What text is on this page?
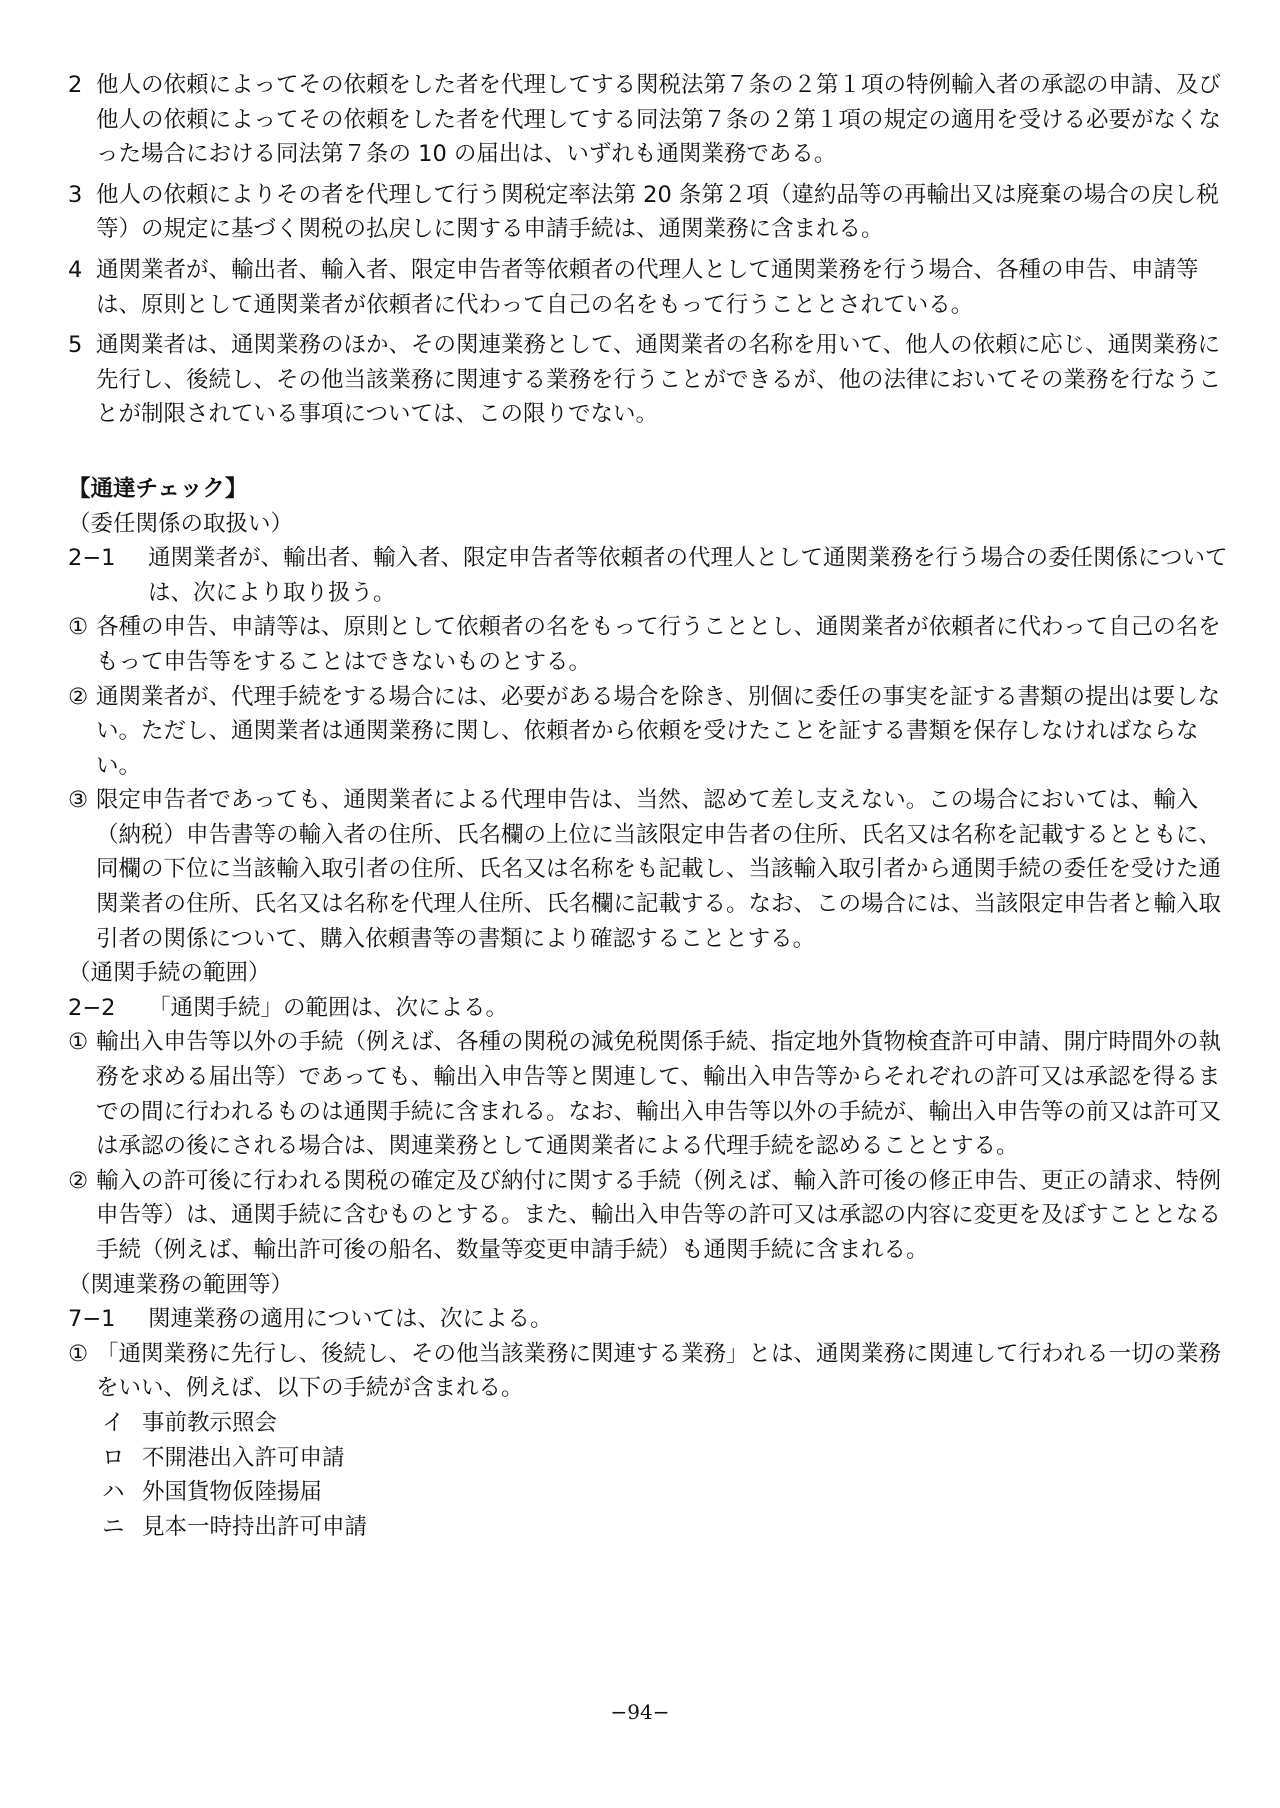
2 他人の依頼によってその依頼をした者を代理してする関税法第７条の２第１項の特例輸入者の承認の申請、及び他人の依頼によってその依頼をした者を代理してする同法第７条の２第１項の規定の適用を受ける必要がなくなった場合における同法第７条の 10 の届出は、いずれも通関業務である。

3 他人の依頼によりその者を代理して行う関税定率法第 20 条第２項（違約品等の再輸出又は廃棄の場合の戻し税等）の規定に基づく関税の払戻しに関する申請手続は、通関業務に含まれる。

4 通関業者が、輸出者、輸入者、限定申告者等依頼者の代理人として通関業務を行う場合、各種の申告、申請等は、原則として通関業者が依頼者に代わって自己の名をもって行うこととされている。

5 通関業者は、通関業務のほか、その関連業務として、通関業者の名称を用いて、他人の依頼に応じ、通関業務に先行し、後続し、その他当該業務に関連する業務を行うことができるが、他の法律においてその業務を行なうことが制限されている事項については、この限りでない。

【通達チェック】

（委任関係の取扱い）

2−1 通関業者が、輸出者、輸入者、限定申告者等依頼者の代理人として通関業務を行う場合の委任関係については、次により取り扱う。

① 各種の申告、申請等は、原則として依頼者の名をもって行うこととし、通関業者が依頼者に代わって自己の名をもって申告等をすることはできないものとする。

② 通関業者が、代理手続をする場合には、必要がある場合を除き、別個に委任の事実を証する書類の提出は要しない。ただし、通関業者は通関業務に関し、依頼者から依頼を受けたことを証する書類を保存しなければならない。

③ 限定申告者であっても、通関業者による代理申告は、当然、認めて差し支えない。この場合においては、輸入（納税）申告書等の輸入者の住所、氏名欄の上位に当該限定申告者の住所、氏名又は名称を記載するとともに、同欄の下位に当該輸入取引者の住所、氏名又は名称をも記載し、当該輸入取引者から通関手続の委任を受けた通関業者の住所、氏名又は名称を代理人住所、氏名欄に記載する。なお、この場合には、当該限定申告者と輸入取引者の関係について、購入依頼書等の書類により確認することとする。

（通関手続の範囲）

2−2 「通関手続」の範囲は、次による。

① 輸出入申告等以外の手続（例えば、各種の関税の減免税関係手続、指定地外貨物検査許可申請、開庁時間外の執務を求める届出等）であっても、輸出入申告等と関連して、輸出入申告等からそれぞれの許可又は承認を得るまでの間に行われるものは通関手続に含まれる。なお、輸出入申告等以外の手続が、輸出入申告等の前又は許可又は承認の後にされる場合は、関連業務として通関業者による代理手続を認めることとする。

② 輸入の許可後に行われる関税の確定及び納付に関する手続（例えば、輸入許可後の修正申告、更正の請求、特例申告等）は、通関手続に含むものとする。また、輸出入申告等の許可又は承認の内容に変更を及ぼすこととなる手続（例えば、輸出許可後の船名、数量等変更申請手続）も通関手続に含まれる。

（関連業務の範囲等）

7−1 関連業務の適用については、次による。

① 「通関業務に先行し、後続し、その他当該業務に関連する業務」とは、通関業務に関連して行われる一切の業務をいい、例えば、以下の手続が含まれる。

イ 事前教示照会

ロ 不開港出入許可申請

ハ 外国貨物仮陸揚届

ニ 見本一時持出許可申請

−94−
